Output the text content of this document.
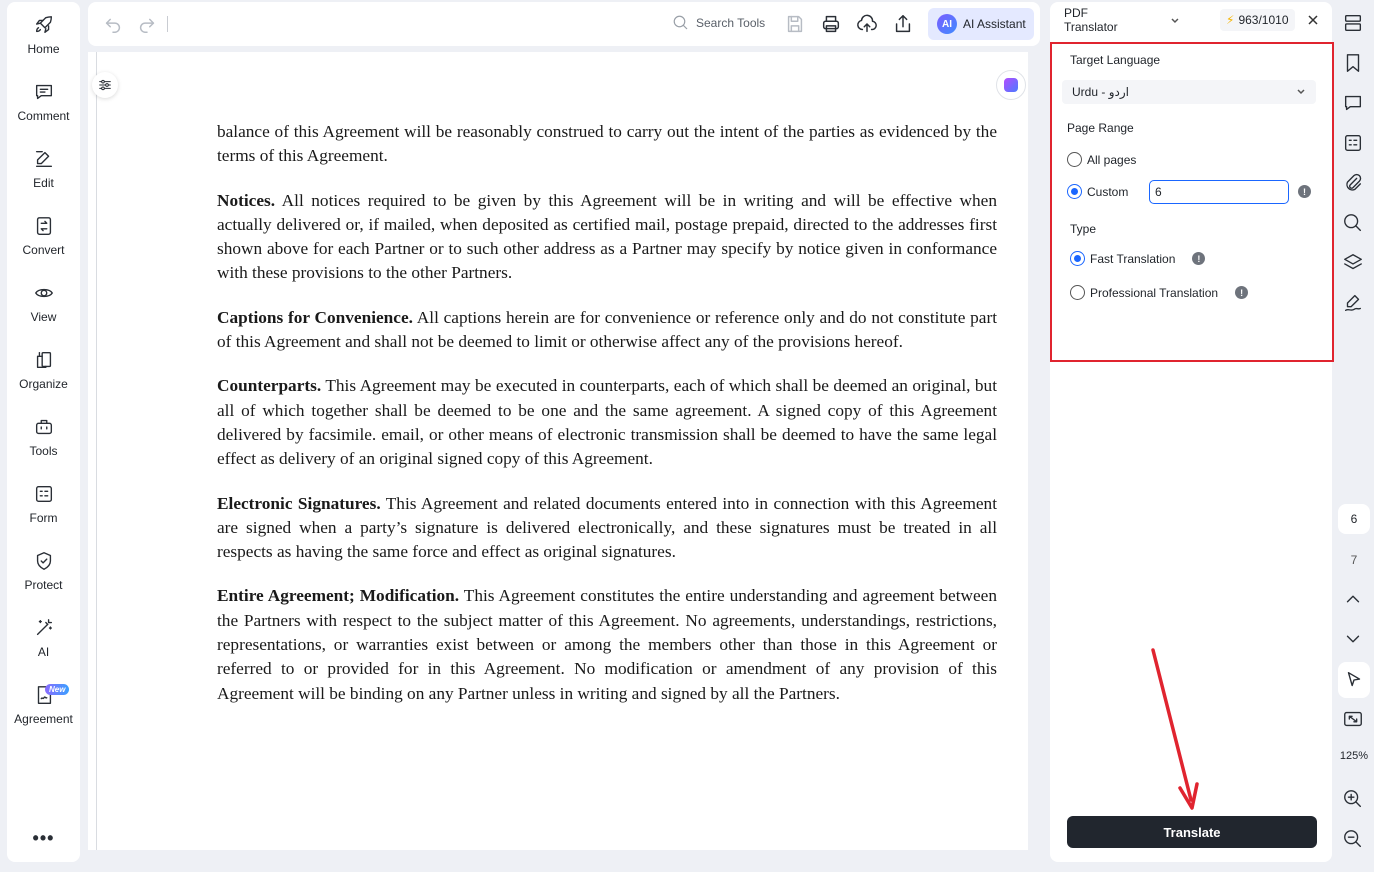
Home
Comment
Edit
Convert
View
Organize
Tools
Form
Protect
AI
New
Agreement
•••
Search Tools	AI AI Assistant

balance of this Agreement will be reasonably construed to carry out the intent of the parties as evidenced by the terms of this Agreement.

Notices. All notices required to be given by this Agreement will be in writing and will be effective when actually delivered or, if mailed, when deposited as certified mail, postage prepaid, directed to the addresses first shown above for each Partner or to such other address as a Partner may specify by notice given in conformance with these provisions to the other Partners.

Captions for Convenience. All captions herein are for convenience or reference only and do not constitute part of this Agreement and shall not be deemed to limit or otherwise affect any of the provisions hereof.

Counterparts. This Agreement may be executed in counterparts, each of which shall be deemed an original, but all of which together shall be deemed to be one and the same agreement. A signed copy of this Agreement delivered by facsimile. email, or other means of electronic transmission shall be deemed to have the same legal effect as delivery of an original signed copy of this Agreement.

Electronic Signatures. This Agreement and related documents entered into in connection with this Agreement are signed when a party’s signature is delivered electronically, and these signatures must be treated in all respects as having the same force and effect as original signatures.

Entire Agreement; Modification. This Agreement constitutes the entire understanding and agreement between the Partners with respect to the subject matter of this Agreement. No agreements, understandings, restrictions, representations, or warranties exist between or among the members other than those in this Agreement or referred to or provided for in this Agreement. No modification or amendment of any provision of this Agreement will be binding on any Partner unless in writing and signed by all the Partners.

PDF Translator	⚡ 963/1010
Target Language
Urdu - اردو
Page Range
All pages
Custom 6	!
Type
Fast Translation	!
Professional Translation	!
Translate
6
7
125%
